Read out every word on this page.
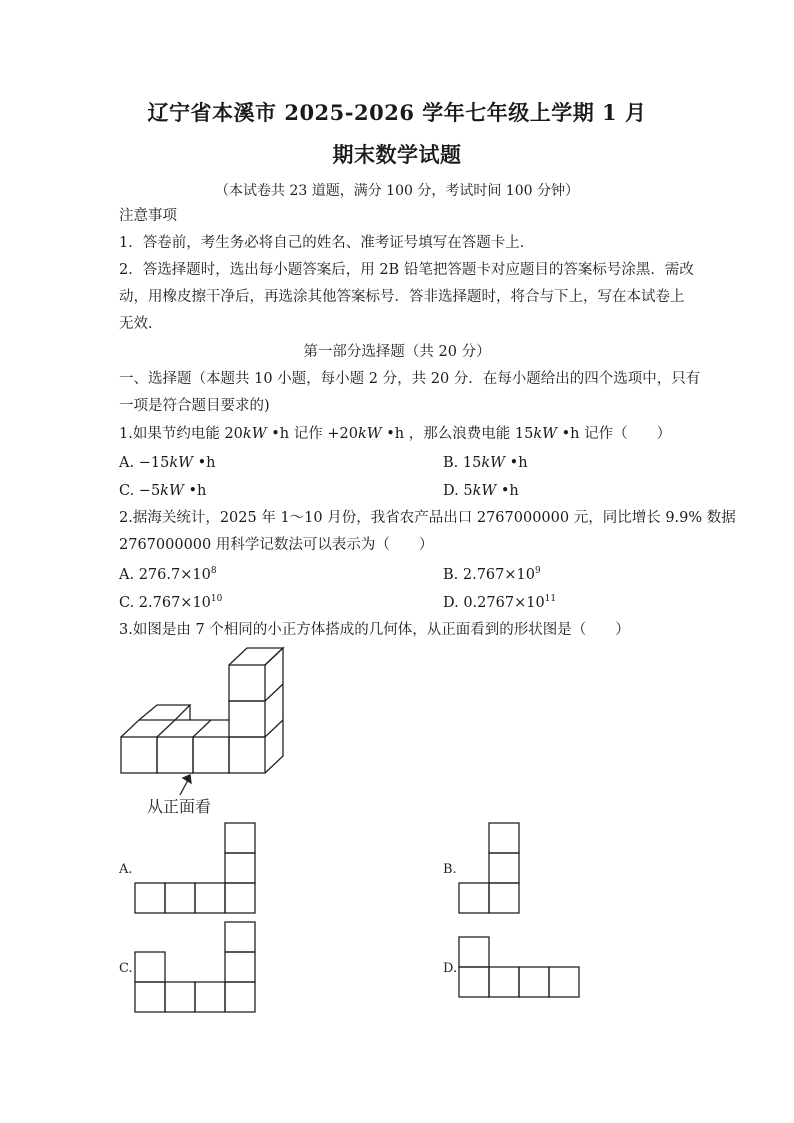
辽宁省本溪市 2025-2026 学年七年级上学期 1 月
期末数学试题
（本试卷共 23 道题，满分 100 分，考试时间 100 分钟）
注意事项
1．答卷前，考生务必将自己的姓名、准考证号填写在答题卡上．
2．答选择题时，选出每小题答案后，用 2B 铅笔把答题卡对应题目的答案标号涂黑．需改
动，用橡皮擦干净后，再选涂其他答案标号．答非选择题时，将合与下上，写在本试卷上
无效．
第一部分选择题（共 20 分）
一、选择题（本题共 10 小题，每小题 2 分，共 20 分．在每小题给出的四个选项中，只有
一项是符合题目要求的)
1.如果节约电能 20kW •h 记作 +20kW •h ，那么浪费电能 15kW •h 记作（　　）
A. −15kW •h	B. 15kW •h
C. −5kW •h	D. 5kW •h
2.据海关统计，2025 年 1～10 月份，我省农产品出口 2767000000 元，同比增长 9.9% 数据
2767000000 用科学记数法可以表示为（　　）
A. $276.7\times 10^8$	B. $2.767\times 10^9$
C. $2.767\times 10^{10}$	D. $0.2767\times 10^{11}$
3.如图是由 7 个相同的小正方体搭成的几何体，从正面看到的形状图是（　　）
从正面看
A.	B.
C.	D.
